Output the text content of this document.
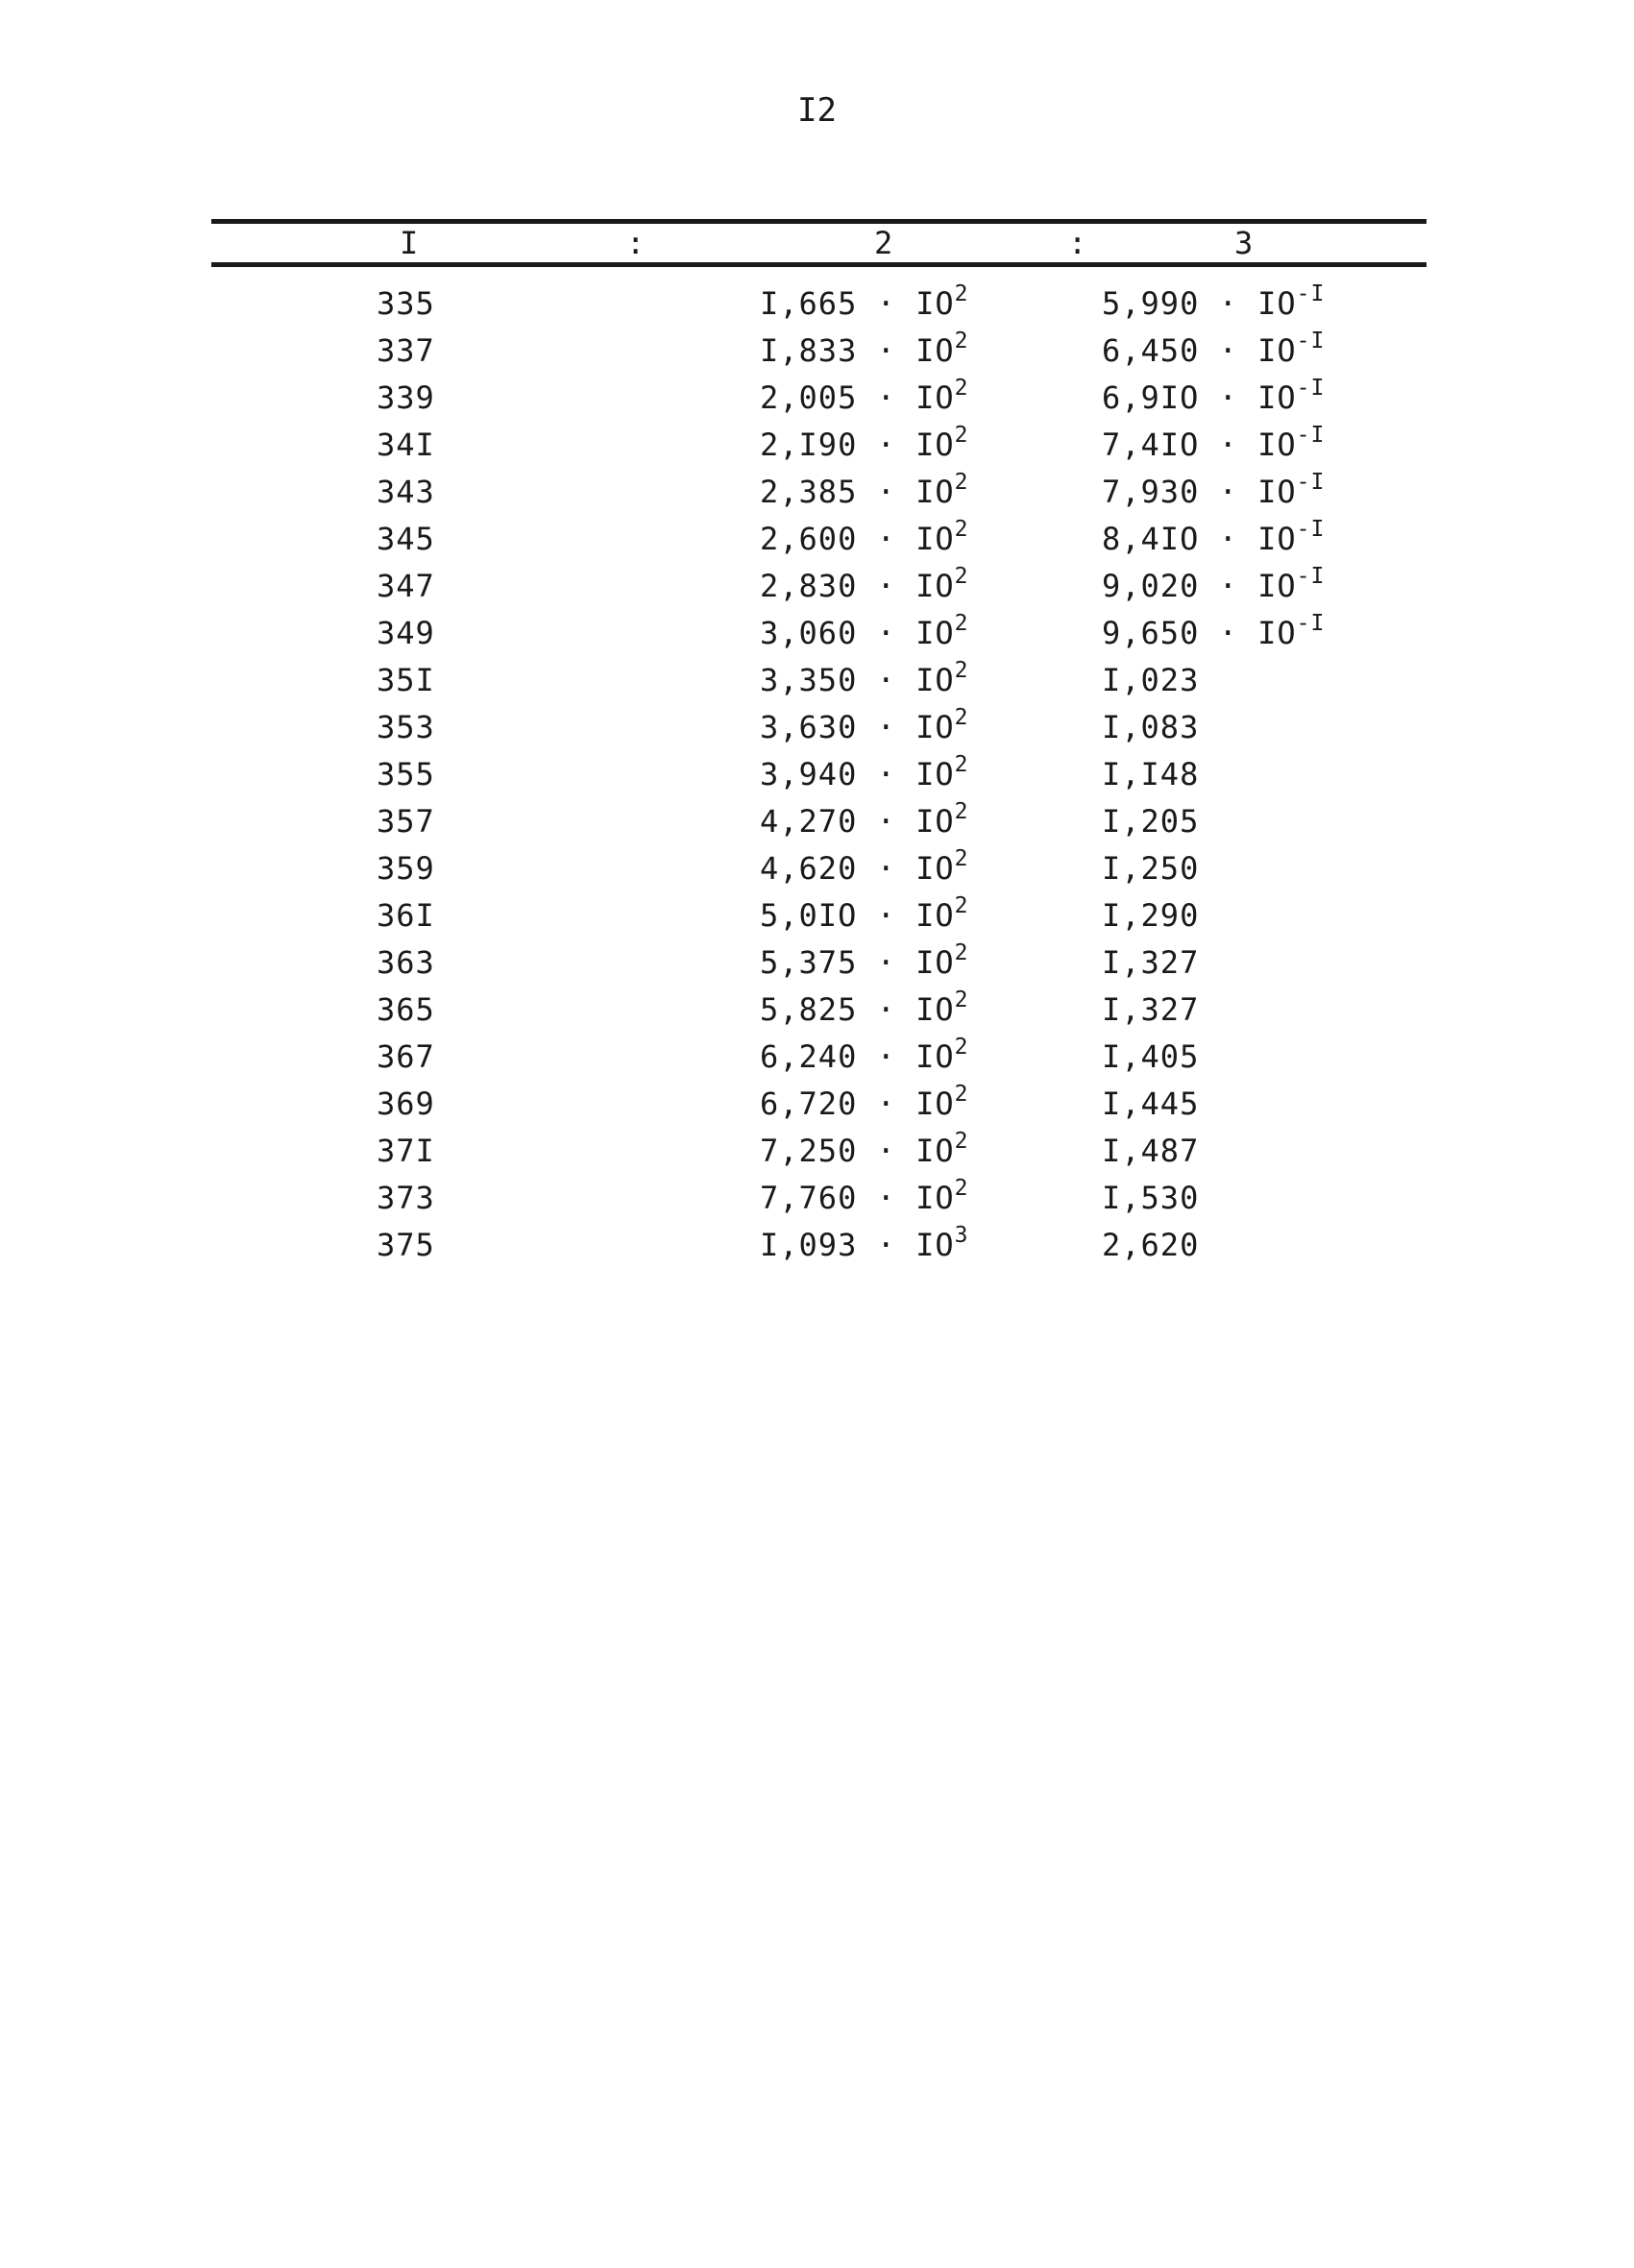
I2
I	:	2	:	3
335	$I,665 \cdot IO^2$	$5,990 \cdot IO^{-I}$
337	$I,833 \cdot IO^2$	$6,450 \cdot IO^{-I}$
339	$2,005 \cdot IO^2$	$6,9IO \cdot IO^{-I}$
34I	$2,I90 \cdot IO^2$	$7,4IO \cdot IO^{-I}$
343	$2,385 \cdot IO^2$	$7,930 \cdot IO^{-I}$
345	$2,600 \cdot IO^2$	$8,4IO \cdot IO^{-I}$
347	$2,830 \cdot IO^2$	$9,020 \cdot IO^{-I}$
349	$3,060 \cdot IO^2$	$9,650 \cdot IO^{-I}$
35I	$3,350 \cdot IO^2$	I,023
353	$3,630 \cdot IO^2$	I,083
355	$3,940 \cdot IO^2$	I,I48
357	$4,270 \cdot IO^2$	I,205
359	$4,620 \cdot IO^2$	I,250
36I	$5,0IO \cdot IO^2$	I,290
363	$5,375 \cdot IO^2$	I,327
365	$5,825 \cdot IO^2$	I,327
367	$6,240 \cdot IO^2$	I,405
369	$6,720 \cdot IO^2$	I,445
37I	$7,250 \cdot IO^2$	I,487
373	$7,760 \cdot IO^2$	I,530
375	$I,093 \cdot IO^3$	2,620
